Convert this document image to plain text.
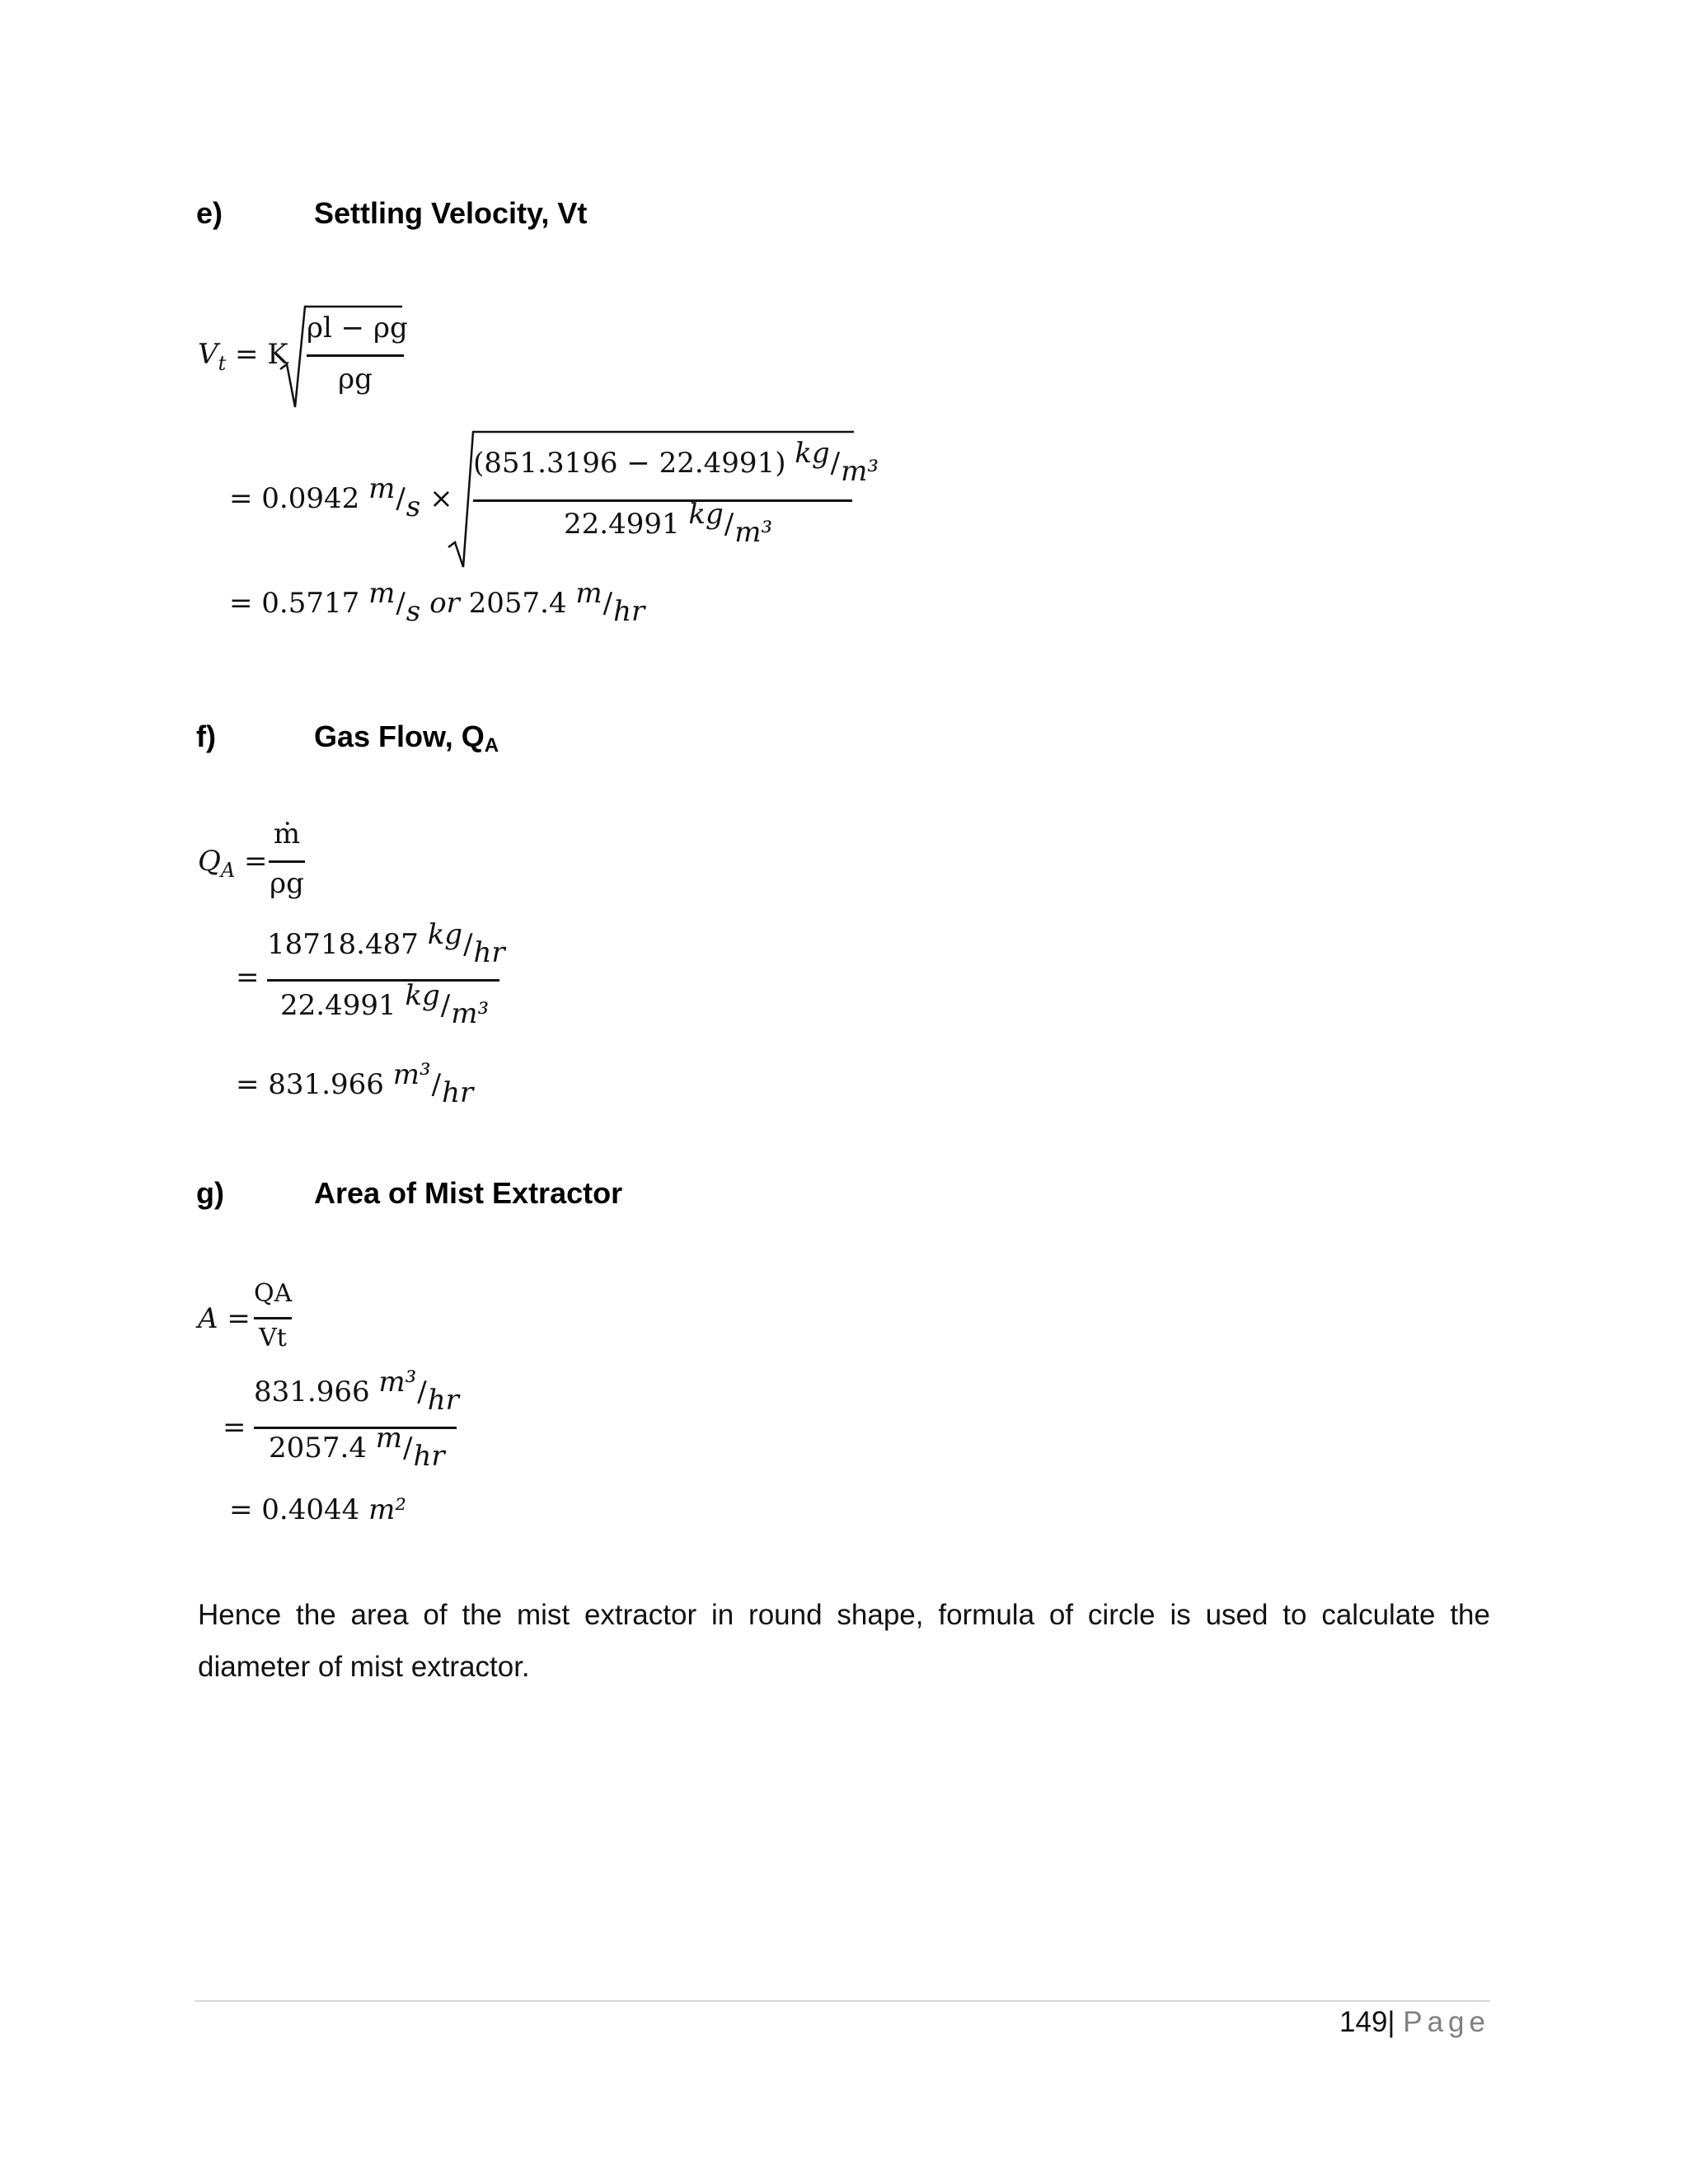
e)	Settling Velocity, Vt
$V_t = K$
ρl − ρg
ρg
= 0.0942 m/s ×
(851.3196 − 22.4991) kg/m³
22.4991 kg/m³
= 0.5717 m/s or 2057.4 m/hr
f)	Gas Flow, QA
$Q_A$ =
ṁ
ρg
=
18718.487 kg/hr
22.4991 kg/m³
= 831.966 m³/hr
g)	Area of Mist Extractor
A =
QA
Vt
=
831.966 m³/hr
2057.4 m/hr
= 0.4044 m²
Hence the area of the mist extractor in round shape, formula of circle is used to calculate the diameter of mist extractor.
149| Page
